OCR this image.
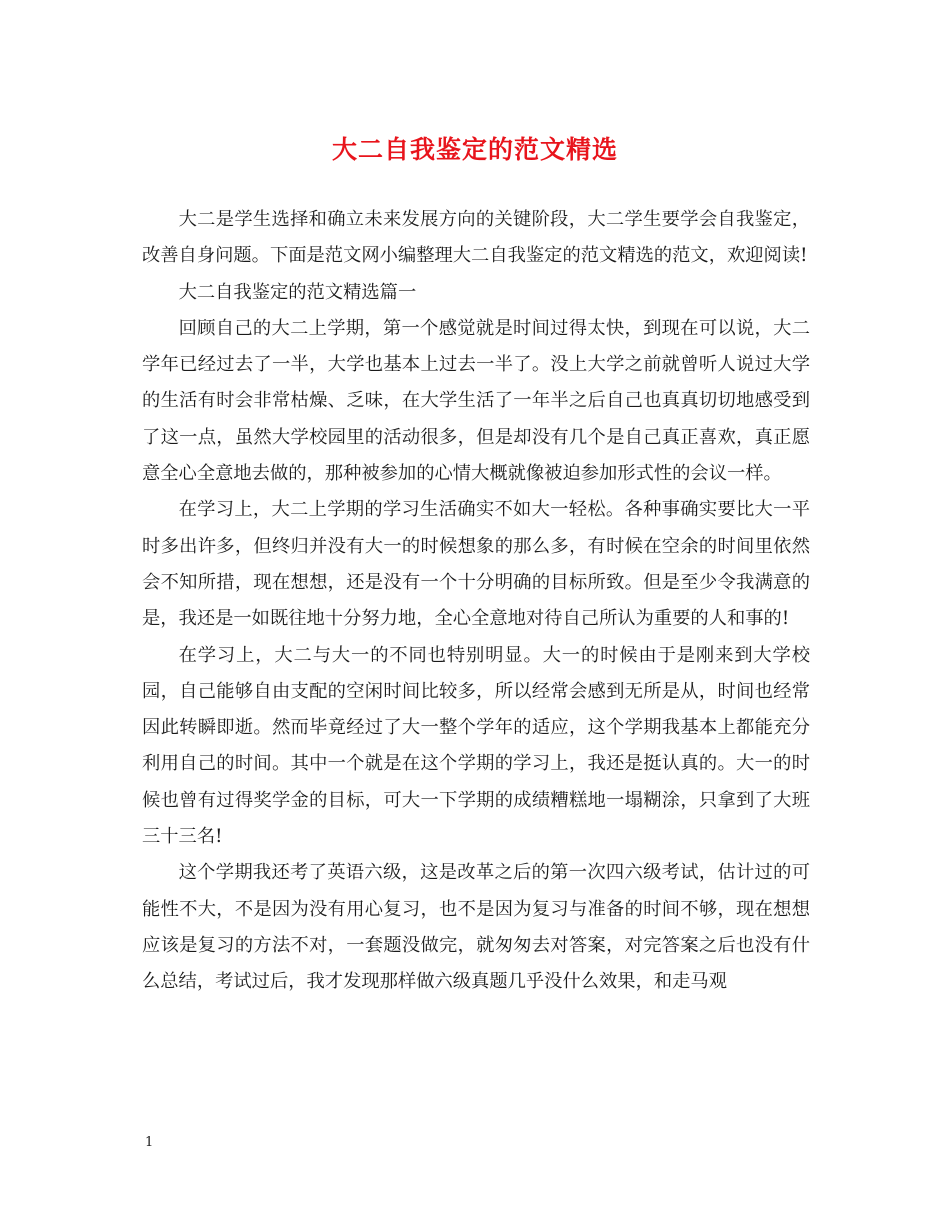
大二自我鉴定的范文精选

大二是学生选择和确立未来发展方向的关键阶段，大二学生要学会自我鉴定，改善自身问题。下面是范文网小编整理大二自我鉴定的范文精选的范文，欢迎阅读!

大二自我鉴定的范文精选篇一

回顾自己的大二上学期，第一个感觉就是时间过得太快，到现在可以说，大二学年已经过去了一半，大学也基本上过去一半了。没上大学之前就曾听人说过大学的生活有时会非常枯燥、乏味，在大学生活了一年半之后自己也真真切切地感受到了这一点，虽然大学校园里的活动很多，但是却没有几个是自己真正喜欢，真正愿意全心全意地去做的，那种被参加的心情大概就像被迫参加形式性的会议一样。

在学习上，大二上学期的学习生活确实不如大一轻松。各种事确实要比大一平时多出许多，但终归并没有大一的时候想象的那么多，有时候在空余的时间里依然会不知所措，现在想想，还是没有一个十分明确的目标所致。但是至少令我满意的是，我还是一如既往地十分努力地，全心全意地对待自己所认为重要的人和事的!

在学习上，大二与大一的不同也特别明显。大一的时候由于是刚来到大学校园，自己能够自由支配的空闲时间比较多，所以经常会感到无所是从，时间也经常因此转瞬即逝。然而毕竟经过了大一整个学年的适应，这个学期我基本上都能充分利用自己的时间。其中一个就是在这个学期的学习上，我还是挺认真的。大一的时候也曾有过得奖学金的目标，可大一下学期的成绩糟糕地一塌糊涂，只拿到了大班三十三名!

这个学期我还考了英语六级，这是改革之后的第一次四六级考试，估计过的可能性不大，不是因为没有用心复习，也不是因为复习与准备的时间不够，现在想想应该是复习的方法不对，一套题没做完，就匆匆去对答案，对完答案之后也没有什么总结，考试过后，我才发现那样做六级真题几乎没什么效果，和走马观

1
